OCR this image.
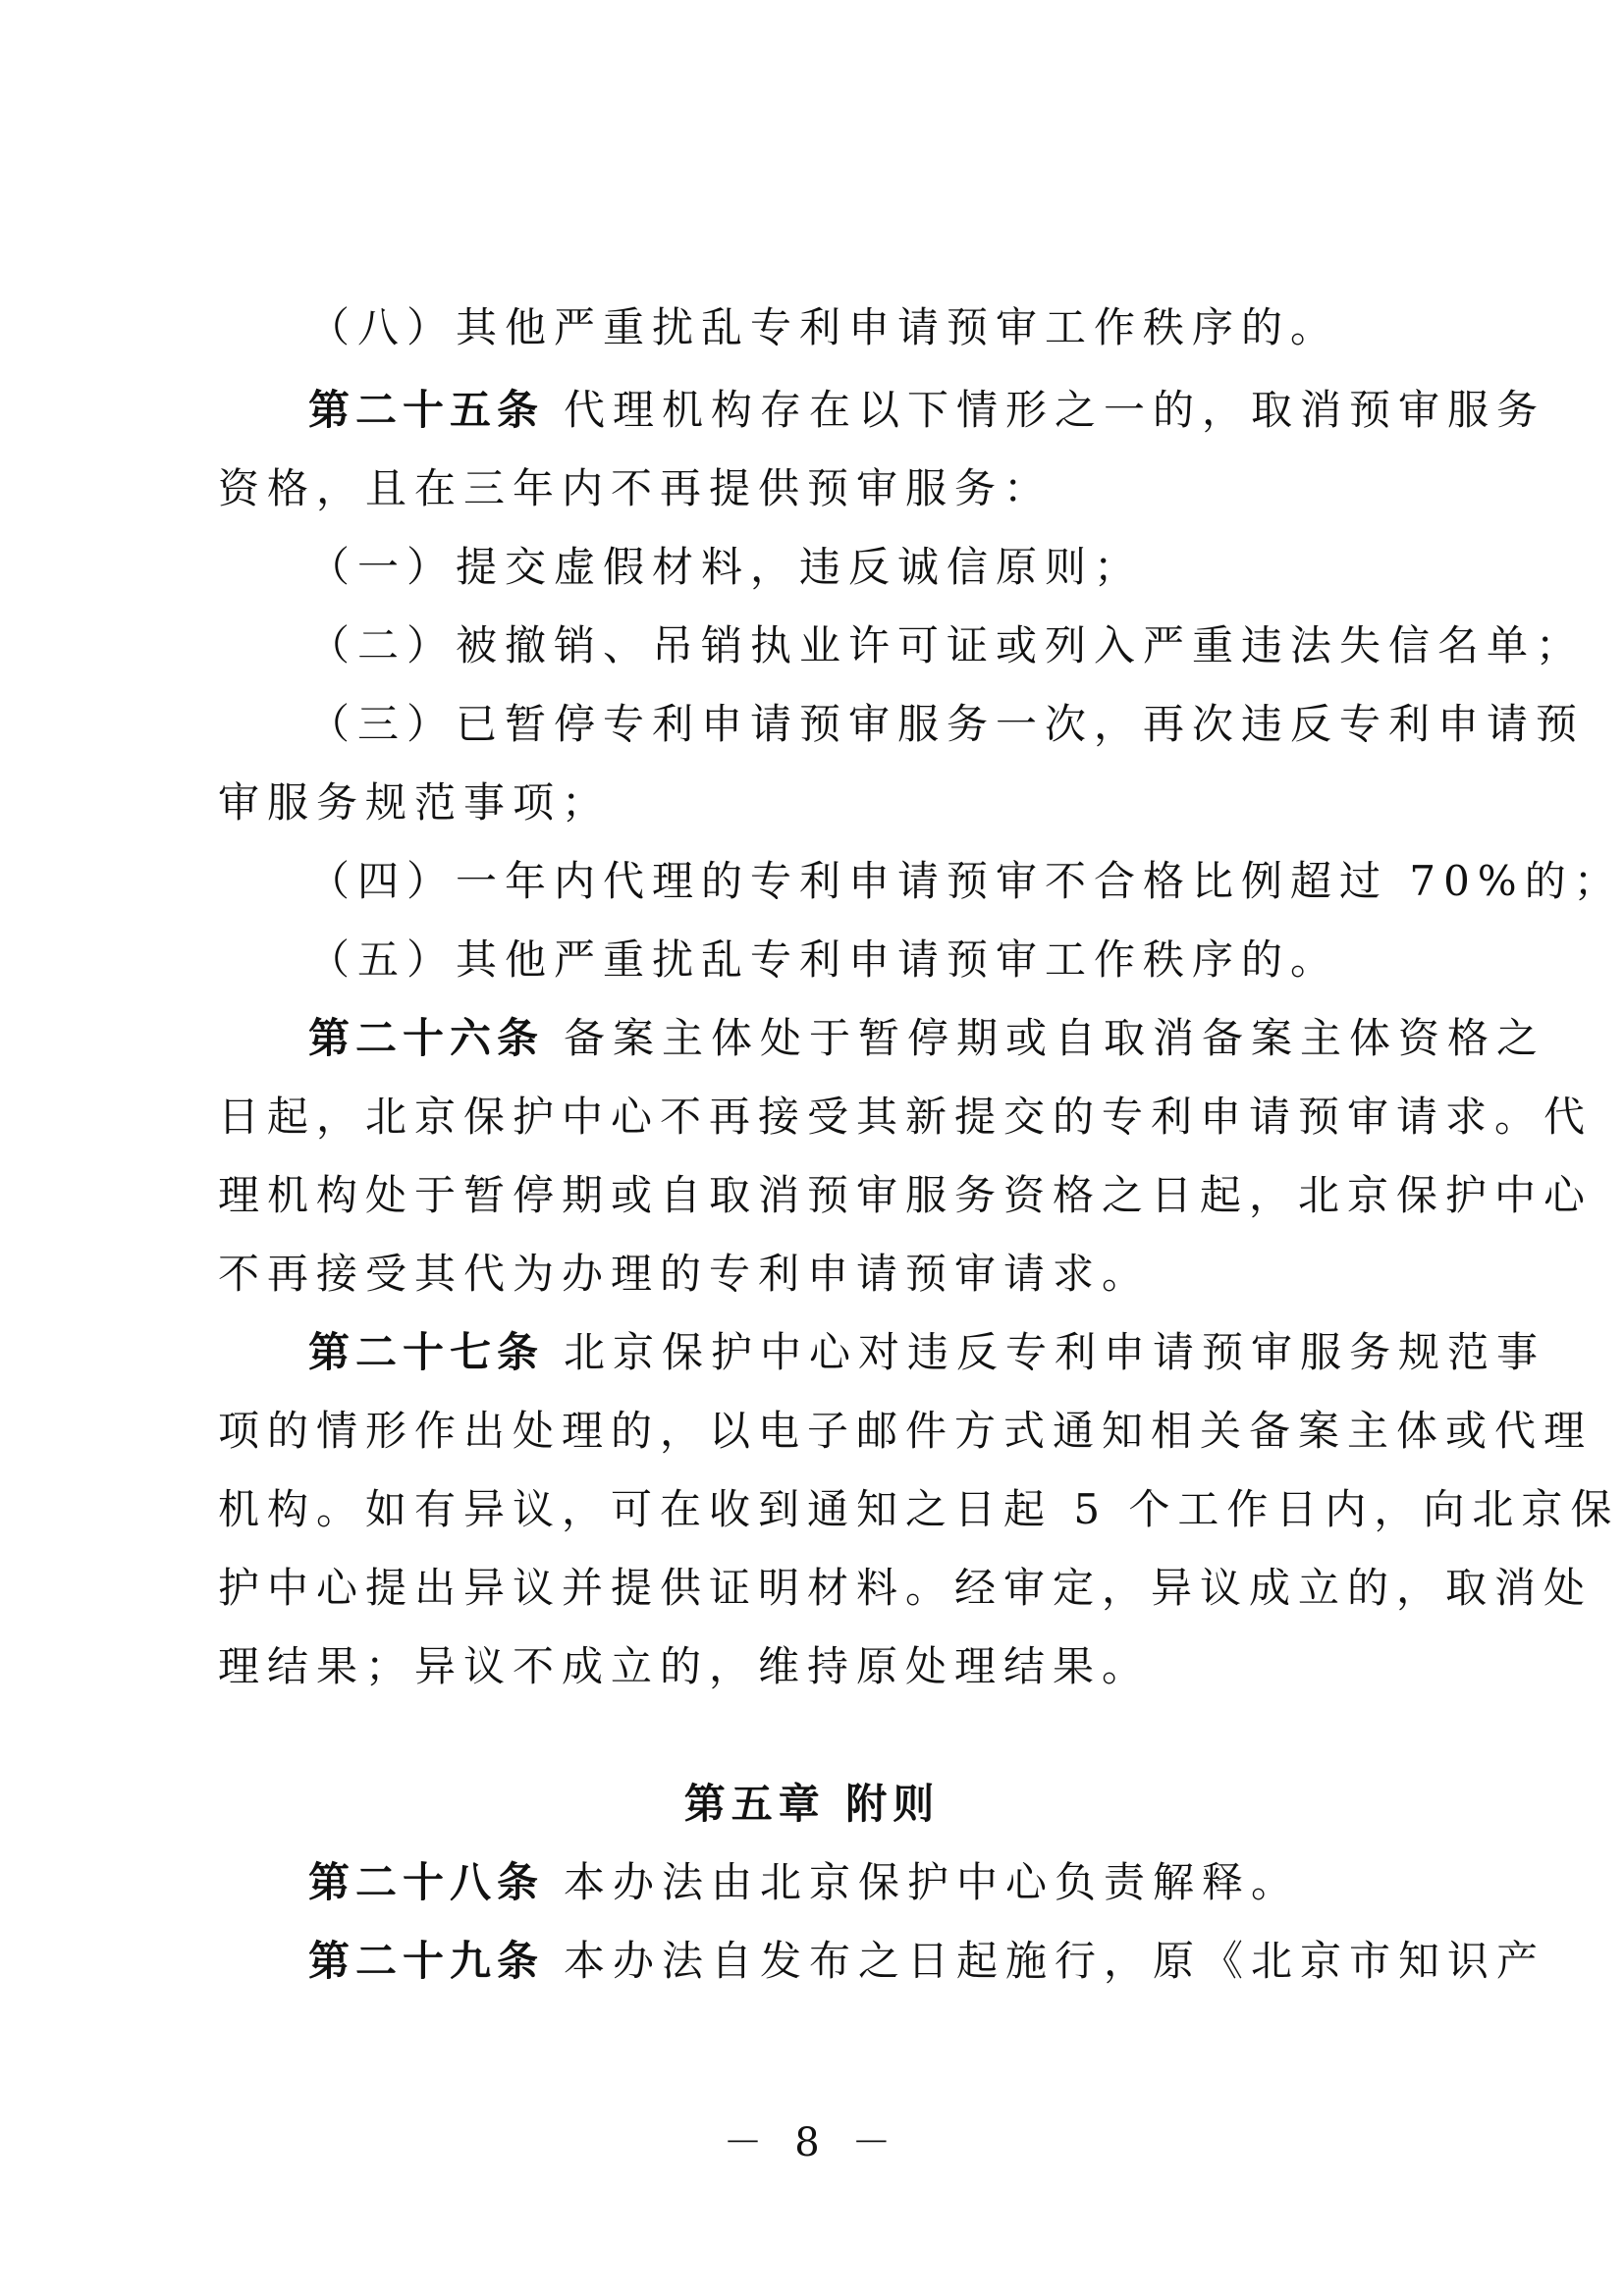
（八）其他严重扰乱专利申请预审工作秩序的。
第二十五条 代理机构存在以下情形之一的，取消预审服务
资格，且在三年内不再提供预审服务：
（一）提交虚假材料，违反诚信原则；
（二）被撤销、吊销执业许可证或列入严重违法失信名单；
（三）已暂停专利申请预审服务一次，再次违反专利申请预
审服务规范事项；
（四）一年内代理的专利申请预审不合格比例超过 70%的；
（五）其他严重扰乱专利申请预审工作秩序的。
第二十六条 备案主体处于暂停期或自取消备案主体资格之
日起，北京保护中心不再接受其新提交的专利申请预审请求。代
理机构处于暂停期或自取消预审服务资格之日起，北京保护中心
不再接受其代为办理的专利申请预审请求。
第二十七条 北京保护中心对违反专利申请预审服务规范事
项的情形作出处理的，以电子邮件方式通知相关备案主体或代理
机构。如有异议，可在收到通知之日起 5 个工作日内，向北京保
护中心提出异议并提供证明材料。经审定，异议成立的，取消处
理结果；异议不成立的，维持原处理结果。
第五章 附则
第二十八条 本办法由北京保护中心负责解释。
第二十九条 本办法自发布之日起施行，原《北京市知识产
－ 8 －
